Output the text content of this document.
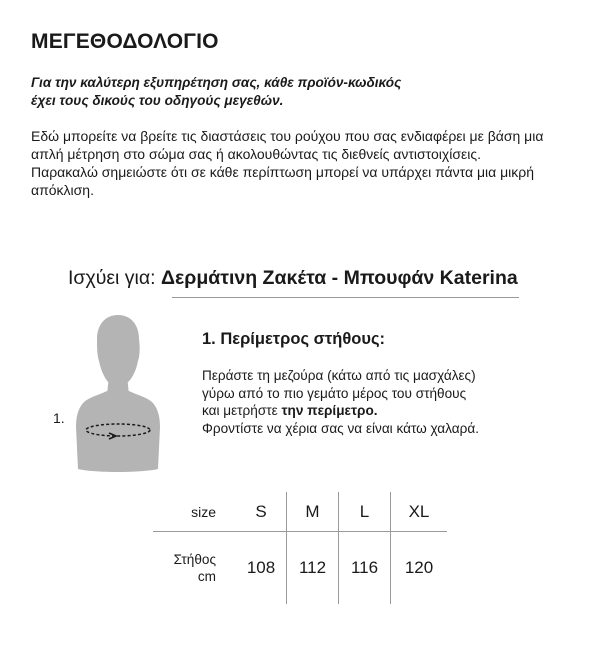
ΜΕΓΕΘΟΔΟΛΟΓΙΟ
Για την καλύτερη εξυπηρέτηση σας, κάθε προϊόν-κωδικός
έχει τους δικούς του οδηγούς μεγεθών.
Εδώ μπορείτε να βρείτε τις διαστάσεις του ρούχου που σας ενδιαφέρει με βάση μια απλή μέτρηση στο σώμα σας ή ακολουθώντας τις διεθνείς αντιστοιχίσεις.
Παρακαλώ σημειώστε ότι σε κάθε περίπτωση μπορεί να υπάρχει πάντα μια μικρή απόκλιση.
Ισχύει για: Δερμάτινη Ζακέτα - Μπουφάν Katerina
1.
1. Περίμετρος στήθους:
Περάστε τη μεζούρα (κάτω από τις μασχάλες)
γύρω από το πιο γεμάτο μέρος του στήθους
και μετρήστε την περίμετρο.
Φροντίστε να χέρια σας να είναι κάτω χαλαρά.
size	S	M	L	XL

Στήθος
cm	108	112	116	120
